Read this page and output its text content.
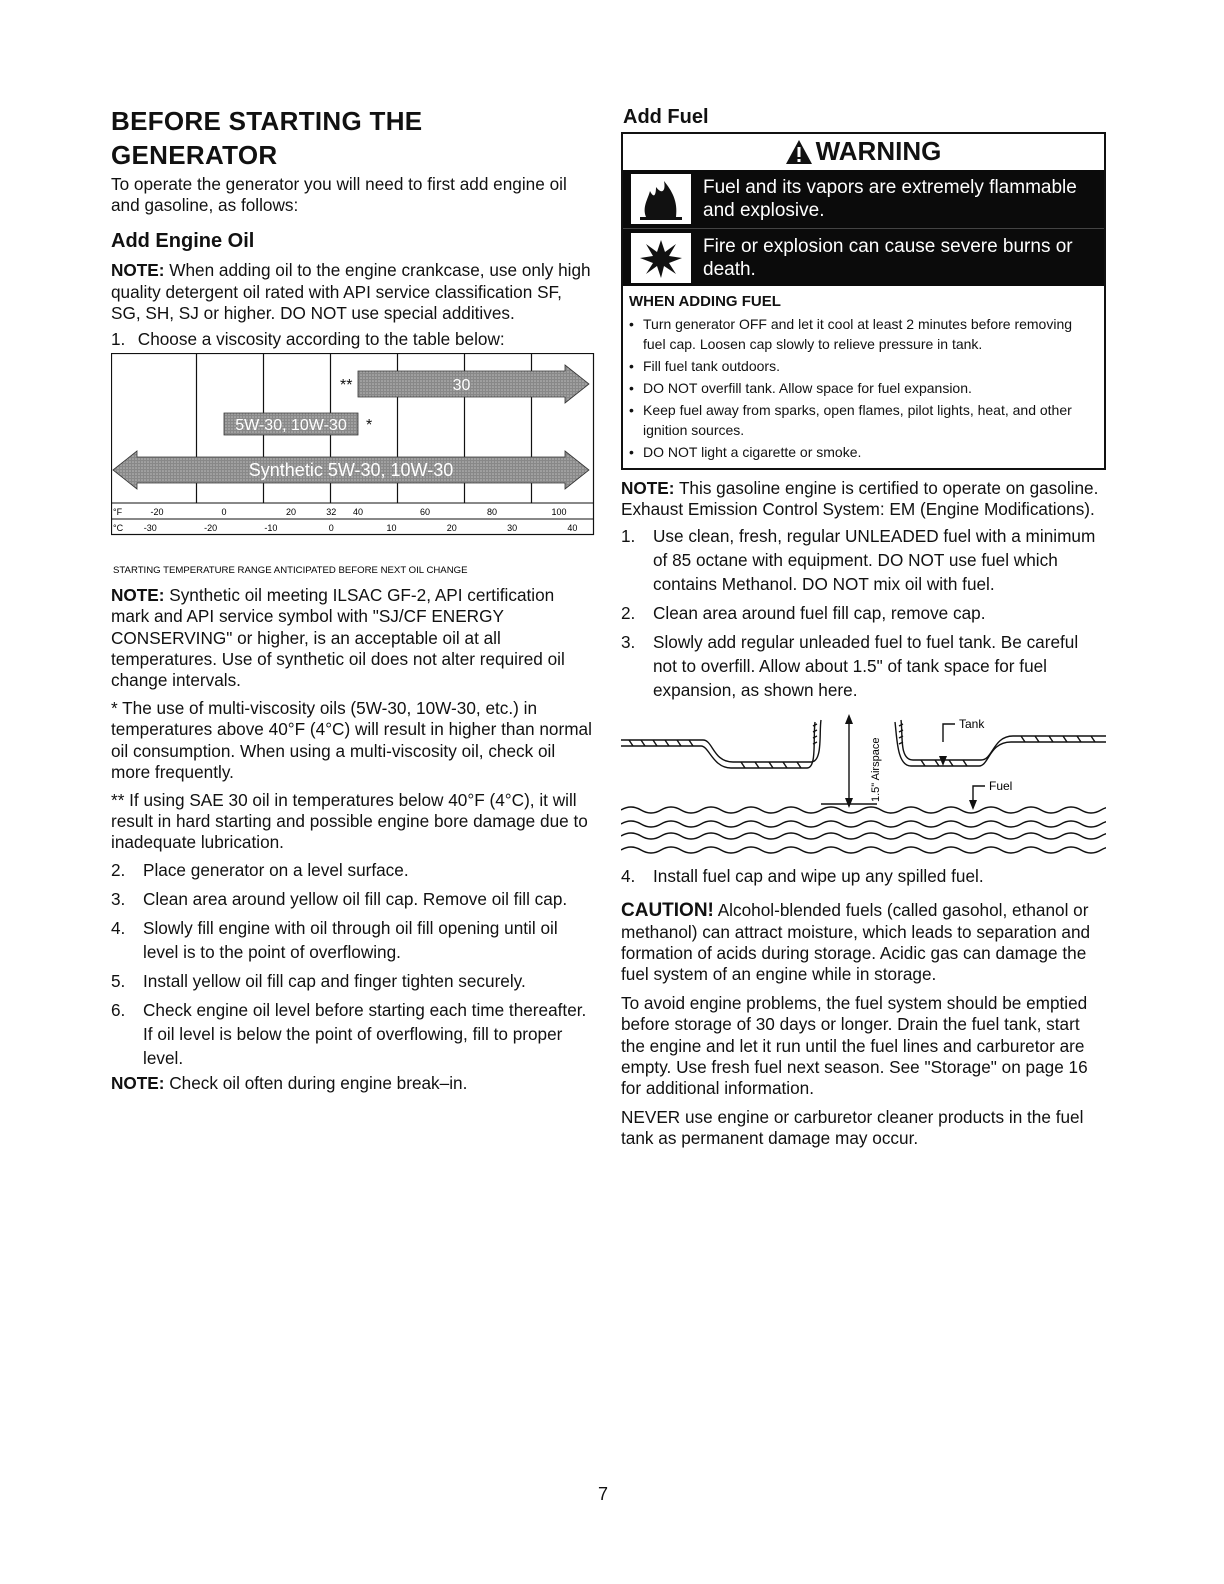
BEFORE STARTING THE
GENERATOR

To operate the generator you will need to first add engine oil and gasoline, as follows:

Add Engine Oil

NOTE: When adding oil to the engine crankcase, use only high quality detergent oil rated with API service classification SF, SG, SH, SJ or higher. DO NOT use special additives.

1. Choose a viscosity according to the table below:

30
**
5W-30, 10W-30 *
Synthetic 5W-30, 10W-30
°F	-20	0	20	32 40	60	80	100
°C -30	-20	-10	0	10	20	30	40
STARTING TEMPERATURE RANGE ANTICIPATED BEFORE NEXT OIL CHANGE

NOTE: Synthetic oil meeting ILSAC GF-2, API certification mark and API service symbol with "SJ/CF ENERGY CONSERVING" or higher, is an acceptable oil at all temperatures. Use of synthetic oil does not alter required oil change intervals.

* The use of multi-viscosity oils (5W-30, 10W-30, etc.) in temperatures above 40°F (4°C) will result in higher than normal oil consumption. When using a multi-viscosity oil, check oil more frequently.

** If using SAE 30 oil in temperatures below 40°F (4°C), it will result in hard starting and possible engine bore damage due to inadequate lubrication.

2. Place generator on a level surface.
3. Clean area around yellow oil fill cap. Remove oil fill cap.
4. Slowly fill engine with oil through oil fill opening until oil level is to the point of overflowing.
5. Install yellow oil fill cap and finger tighten securely.
6. Check engine oil level before starting each time thereafter. If oil level is below the point of overflowing, fill to proper level.

NOTE: Check oil often during engine break–in.

Add Fuel
WARNING
Fuel and its vapors are extremely flammable and explosive.
Fire or explosion can cause severe burns or death.
WHEN ADDING FUEL
• Turn generator OFF and let it cool at least 2 minutes before removing fuel cap. Loosen cap slowly to relieve pressure in tank.
• Fill fuel tank outdoors.
• DO NOT overfill tank. Allow space for fuel expansion.
• Keep fuel away from sparks, open flames, pilot lights, heat, and other ignition sources.
• DO NOT light a cigarette or smoke.

NOTE: This gasoline engine is certified to operate on gasoline. Exhaust Emission Control System: EM (Engine Modifications).

1. Use clean, fresh, regular UNLEADED fuel with a minimum of 85 octane with equipment. DO NOT use fuel which contains Methanol. DO NOT mix oil with fuel.
2. Clean area around fuel fill cap, remove cap.
3. Slowly add regular unleaded fuel to fuel tank. Be careful not to overfill. Allow about 1.5" of tank space for fuel expansion, as shown here.
1.5" Airspace
Tank
Fuel
4. Install fuel cap and wipe up any spilled fuel.

CAUTION! Alcohol-blended fuels (called gasohol, ethanol or methanol) can attract moisture, which leads to separation and formation of acids during storage. Acidic gas can damage the fuel system of an engine while in storage.

To avoid engine problems, the fuel system should be emptied before storage of 30 days or longer. Drain the fuel tank, start the engine and let it run until the fuel lines and carburetor are empty. Use fresh fuel next season. See "Storage" on page 16 for additional information.

NEVER use engine or carburetor cleaner products in the fuel tank as permanent damage may occur.

7
